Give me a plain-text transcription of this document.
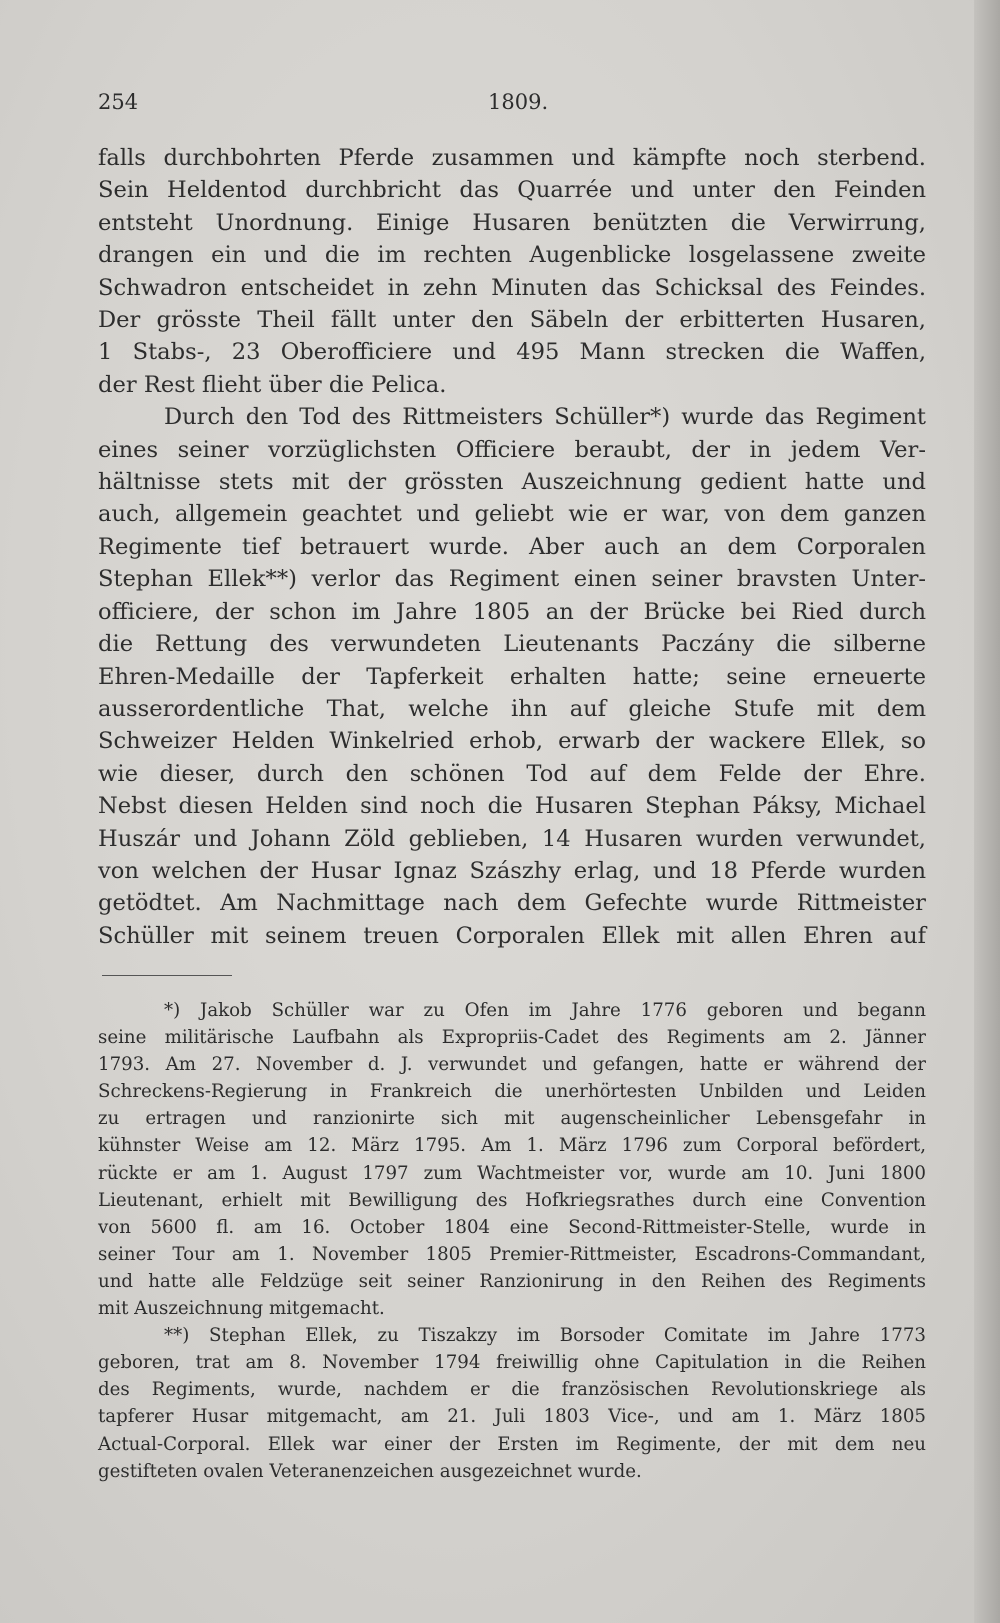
254	1809.
falls durchbohrten Pferde zusammen und kämpfte noch sterbend.
Sein Heldentod durchbricht das Quarrée und unter den Feinden
entsteht Unordnung. Einige Husaren benützten die Verwirrung,
drangen ein und die im rechten Augenblicke losgelassene zweite
Schwadron entscheidet in zehn Minuten das Schicksal des Feindes.
Der grösste Theil fällt unter den Säbeln der erbitterten Husaren,
1 Stabs-, 23 Oberofficiere und 495 Mann strecken die Waffen,
der Rest flieht über die Pelica.
Durch den Tod des Rittmeisters Schüller*) wurde das Regiment
eines seiner vorzüglichsten Officiere beraubt, der in jedem Ver-
hältnisse stets mit der grössten Auszeichnung gedient hatte und
auch, allgemein geachtet und geliebt wie er war, von dem ganzen
Regimente tief betrauert wurde. Aber auch an dem Corporalen
Stephan Ellek**) verlor das Regiment einen seiner bravsten Unter-
officiere, der schon im Jahre 1805 an der Brücke bei Ried durch
die Rettung des verwundeten Lieutenants Paczány die silberne
Ehren-Medaille der Tapferkeit erhalten hatte; seine erneuerte
ausserordentliche That, welche ihn auf gleiche Stufe mit dem
Schweizer Helden Winkelried erhob, erwarb der wackere Ellek, so
wie dieser, durch den schönen Tod auf dem Felde der Ehre.
Nebst diesen Helden sind noch die Husaren Stephan Páksy, Michael
Huszár und Johann Zöld geblieben, 14 Husaren wurden verwundet,
von welchen der Husar Ignaz Szászhy erlag, und 18 Pferde wurden
getödtet. Am Nachmittage nach dem Gefechte wurde Rittmeister
Schüller mit seinem treuen Corporalen Ellek mit allen Ehren auf
*) Jakob Schüller war zu Ofen im Jahre 1776 geboren und begann
seine militärische Laufbahn als Expropriis-Cadet des Regiments am 2. Jänner
1793. Am 27. November d. J. verwundet und gefangen, hatte er während der
Schreckens-Regierung in Frankreich die unerhörtesten Unbilden und Leiden
zu ertragen und ranzionirte sich mit augenscheinlicher Lebensgefahr in
kühnster Weise am 12. März 1795. Am 1. März 1796 zum Corporal befördert,
rückte er am 1. August 1797 zum Wachtmeister vor, wurde am 10. Juni 1800
Lieutenant, erhielt mit Bewilligung des Hofkriegsrathes durch eine Convention
von 5600 fl. am 16. October 1804 eine Second-Rittmeister-Stelle, wurde in
seiner Tour am 1. November 1805 Premier-Rittmeister, Escadrons-Commandant,
und hatte alle Feldzüge seit seiner Ranzionirung in den Reihen des Regiments
mit Auszeichnung mitgemacht.
**) Stephan Ellek, zu Tiszakzy im Borsoder Comitate im Jahre 1773
geboren, trat am 8. November 1794 freiwillig ohne Capitulation in die Reihen
des Regiments, wurde, nachdem er die französischen Revolutionskriege als
tapferer Husar mitgemacht, am 21. Juli 1803 Vice-, und am 1. März 1805
Actual-Corporal. Ellek war einer der Ersten im Regimente, der mit dem neu
gestifteten ovalen Veteranenzeichen ausgezeichnet wurde.
